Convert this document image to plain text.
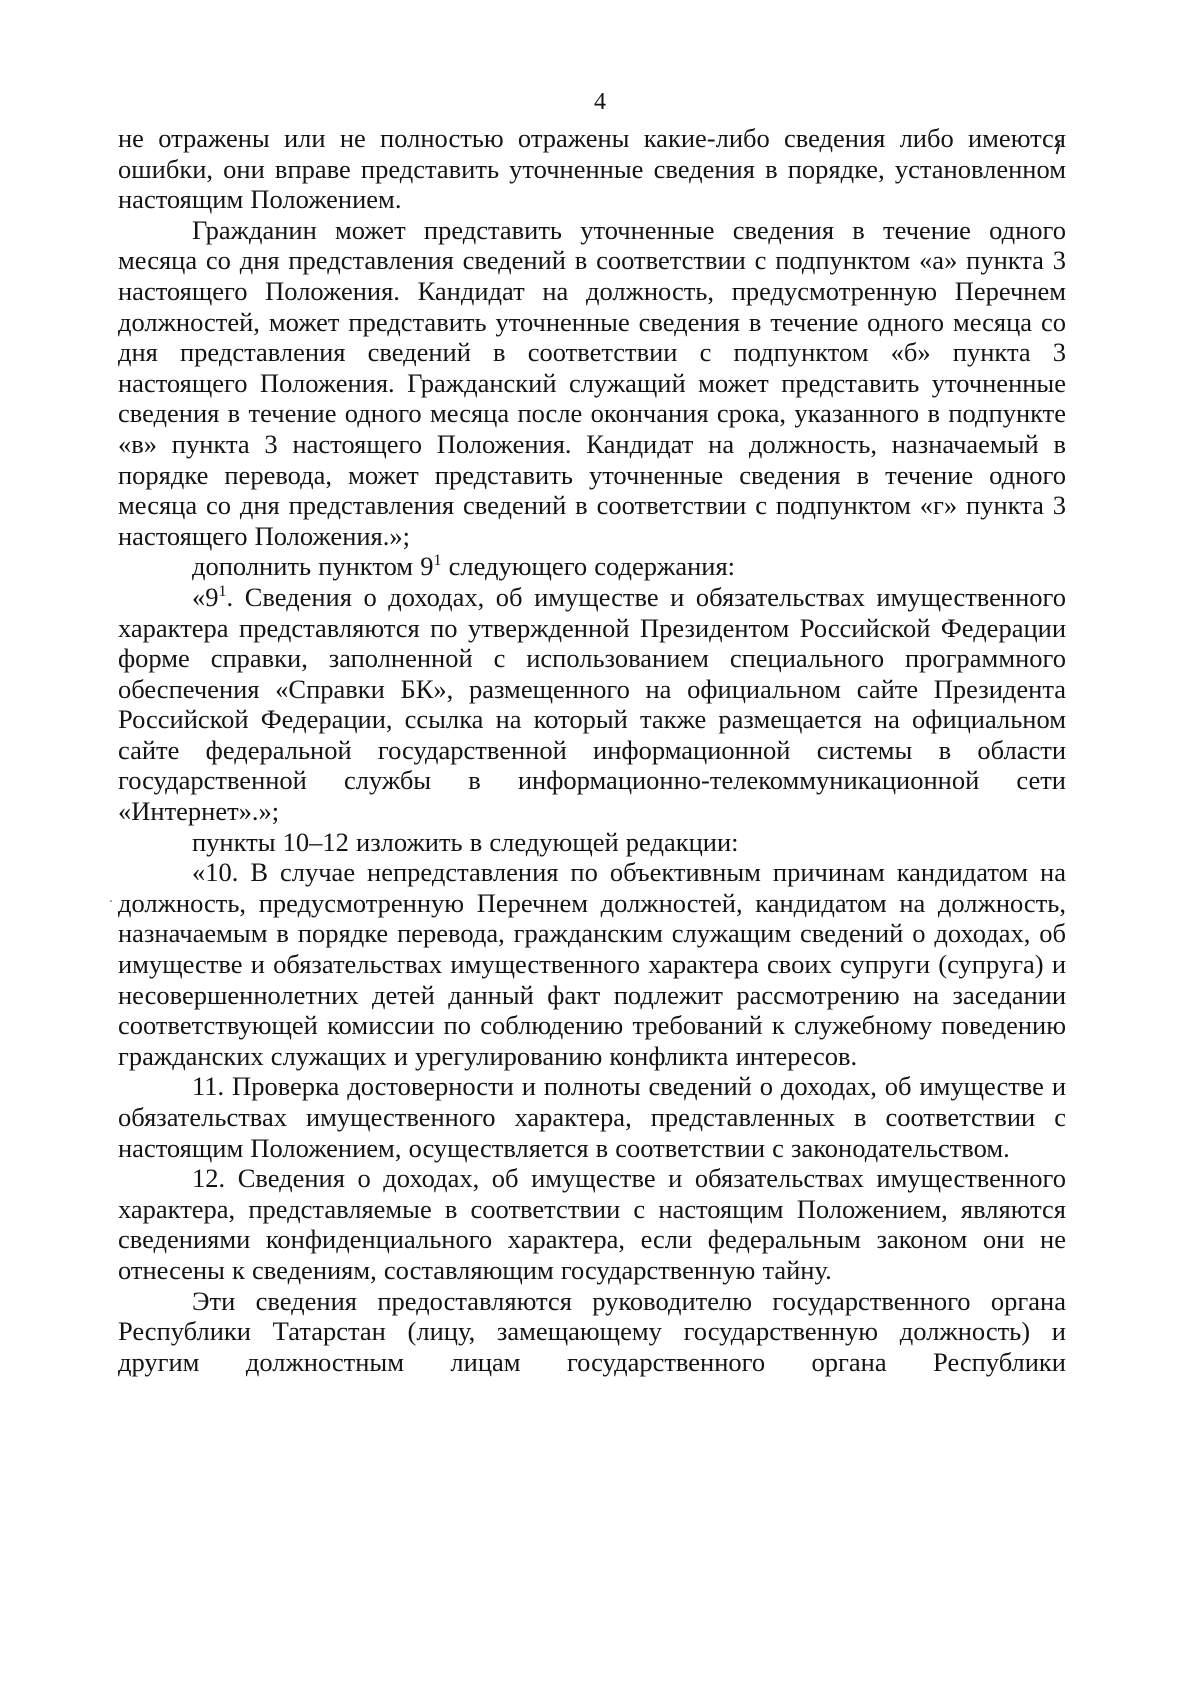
4

не отражены или не полностью отражены какие-либо сведения либо имеются ошибки, они вправе представить уточненные сведения в порядке, установленном настоящим Положением.

Гражданин может представить уточненные сведения в течение одного месяца со дня представления сведений в соответствии с подпунктом «а» пункта 3 настоящего Положения. Кандидат на должность, предусмотренную Перечнем должностей, может представить уточненные сведения в течение одного месяца со дня представления сведений в соответствии с подпунктом «б» пункта 3 настоящего Положения. Гражданский служащий может представить уточненные сведения в течение одного месяца после окончания срока, указанного в подпункте «в» пункта 3 настоящего Положения. Кандидат на должность, назначаемый в порядке перевода, может представить уточненные сведения в течение одного месяца со дня представления сведений в соответствии с подпунктом «г» пункта 3 настоящего Положения.»;

дополнить пунктом $9^1$ следующего содержания:

«$9^1$. Сведения о доходах, об имуществе и обязательствах имущественного характера представляются по утвержденной Президентом Российской Федерации форме справки, заполненной с использованием специального программного обеспечения «Справки БК», размещенного на официальном сайте Президента Российской Федерации, ссылка на который также размещается на официальном сайте федеральной государственной информационной системы в области государственной службы в информационно-телекоммуникационной сети «Интернет».»;

пункты 10–12 изложить в следующей редакции:

«10. В случае непредставления по объективным причинам кандидатом на должность, предусмотренную Перечнем должностей, кандидатом на должность, назначаемым в порядке перевода, гражданским служащим сведений о доходах, об имуществе и обязательствах имущественного характера своих супруги (супруга) и несовершеннолетних детей данный факт подлежит рассмотрению на заседании соответствующей комиссии по соблюдению требований к служебному поведению гражданских служащих и урегулированию конфликта интересов.

11. Проверка достоверности и полноты сведений о доходах, об имуществе и обязательствах имущественного характера, представленных в соответствии с настоящим Положением, осуществляется в соответствии с законодательством.

12. Сведения о доходах, об имуществе и обязательствах имущественного характера, представляемые в соответствии с настоящим Положением, являются сведениями конфиденциального характера, если федеральным законом они не отнесены к сведениям, составляющим государственную тайну.

Эти сведения предоставляются руководителю государственного органа Республики Татарстан (лицу, замещающему государственную должность) и другим должностным лицам государственного органа Республики
